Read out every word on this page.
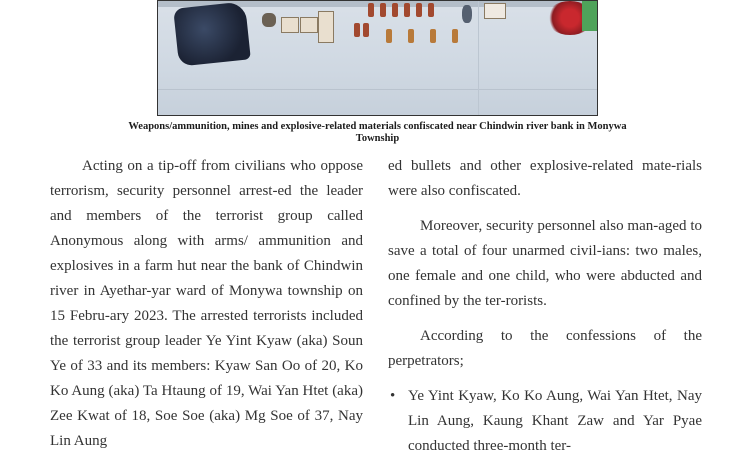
Weapons/ammunition, mines and explosive-related materials confiscated near Chindwin river bank in Monywa Township

Acting on a tip-off from civilians who oppose terrorism, security personnel arrest-ed the leader and members of the terrorist group called Anonymous along with arms/ ammunition and explosives in a farm hut near the bank of Chindwin river in Ayethar-yar ward of Monywa township on 15 Febru-ary 2023. The arrested terrorists included the terrorist group leader Ye Yint Kyaw (aka) Soun Ye of 33 and its members: Kyaw San Oo of 20, Ko Ko Aung (aka) Ta Htaung of 19, Wai Yan Htet (aka) Zee Kwat of 18, Soe Soe (aka) Mg Soe of 37, Nay Lin Aung

ed bullets and other explosive-related mate-rials were also confiscated.

Moreover, security personnel also man-aged to save a total of four unarmed civil-ians: two males, one female and one child, who were abducted and confined by the ter-rorists.

According to the confessions of the perpetrators;

• Ye Yint Kyaw, Ko Ko Aung, Wai Yan Htet, Nay Lin Aung, Kaung Khant Zaw and Yar Pyae conducted three-month ter-
